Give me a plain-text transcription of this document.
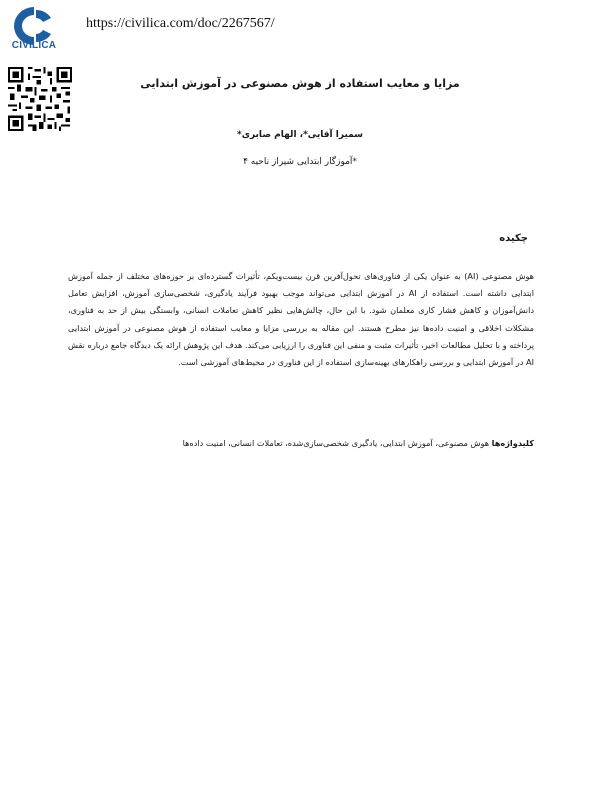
CIVILICA
https://civilica.com/doc/2267567/
مزایا و معایب استفاده از هوش مصنوعی در آموزش ابتدایی
سمیرا آقایی*، الهام صابری*
*آموزگار ابتدایی شیراز ناحیه ۴
چکیده
هوش مصنوعی (AI) به عنوان یکی از فناوری‌های تحول‌آفرین قرن بیست‌ویکم، تأثیرات گسترده‌ای بر حوزه‌های مختلف از جمله آموزش ابتدایی داشته است. استفاده از AI در آموزش ابتدایی می‌تواند موجب بهبود فرآیند یادگیری، شخصی‌سازی آموزش، افزایش تعامل دانش‌آموزان و کاهش فشار کاری معلمان شود. با این حال، چالش‌هایی نظیر کاهش تعاملات انسانی، وابستگی بیش از حد به فناوری، مشکلات اخلاقی و امنیت داده‌ها نیز مطرح هستند. این مقاله به بررسی مزایا و معایب استفاده از هوش مصنوعی در آموزش ابتدایی پرداخته و با تحلیل مطالعات اخیر، تأثیرات مثبت و منفی این فناوری را ارزیابی می‌کند. هدف این پژوهش ارائه یک دیدگاه جامع درباره نقش AI در آموزش ابتدایی و بررسی راهکارهای بهینه‌سازی استفاده از این فناوری در محیط‌های آموزشی است.
کلیدواژه‌ها هوش مصنوعی، آموزش ابتدایی، یادگیری شخصی‌سازی‌شده، تعاملات انسانی، امنیت داده‌ها
